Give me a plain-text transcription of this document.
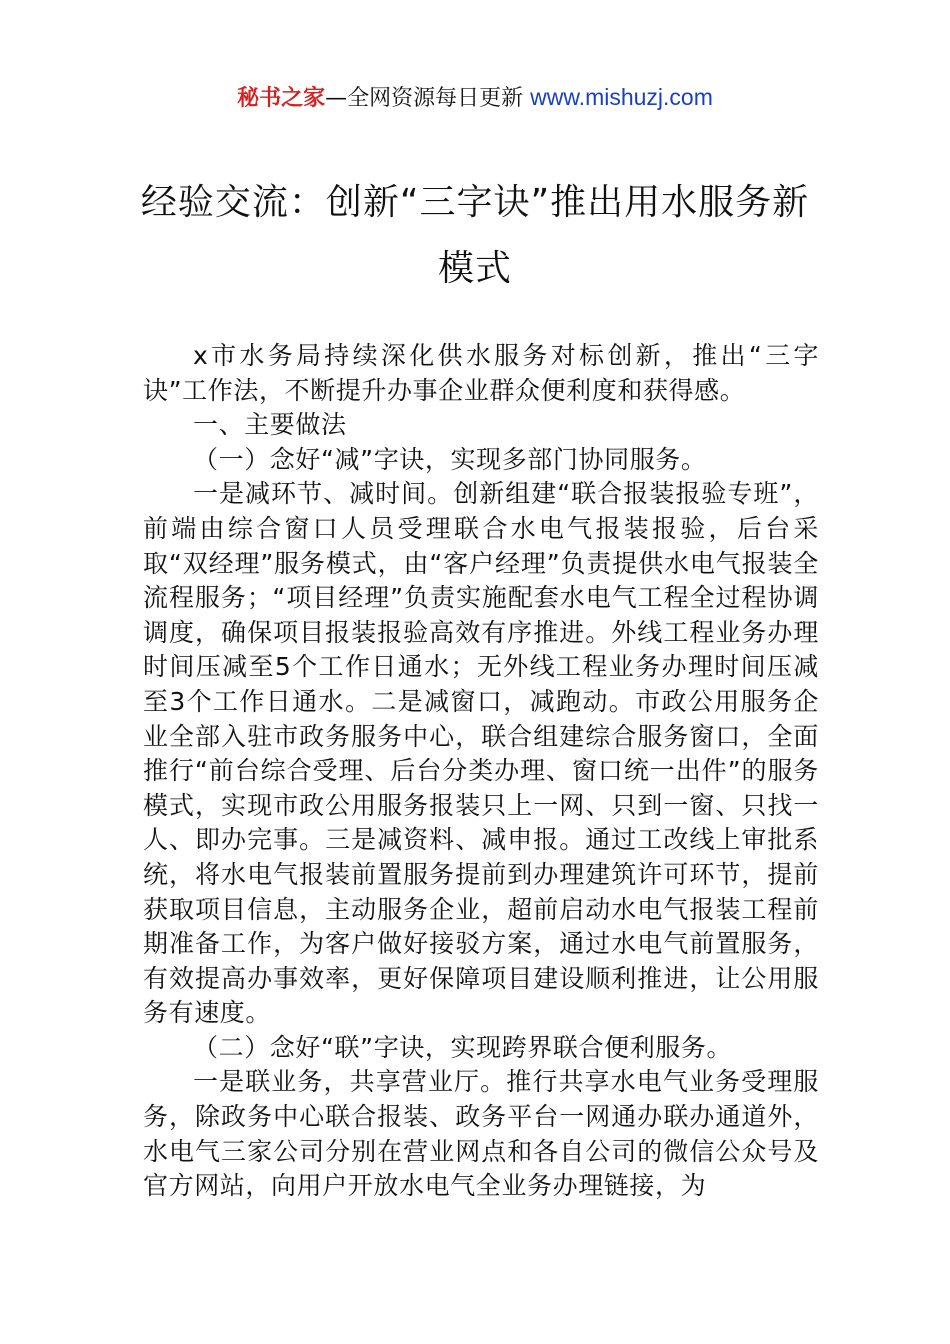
秘书之家—全网资源每日更新 www.mishuzj.com
经验交流：创新“三字诀”推出用水服务新模式

x市水务局持续深化供水服务对标创新，推出“三字诀”工作法，不断提升办事企业群众便利度和获得感。

一、主要做法

（一）念好“减”字诀，实现多部门协同服务。

一是减环节、减时间。创新组建“联合报装报验专班”，前端由综合窗口人员受理联合水电气报装报验，后台采取“双经理”服务模式，由“客户经理”负责提供水电气报装全流程服务；“项目经理”负责实施配套水电气工程全过程协调调度，确保项目报装报验高效有序推进。外线工程业务办理时间压减至5个工作日通水；无外线工程业务办理时间压减至3个工作日通水。二是减窗口，减跑动。市政公用服务企业全部入驻市政务服务中心，联合组建综合服务窗口，全面推行“前台综合受理、后台分类办理、窗口统一出件”的服务模式，实现市政公用服务报装只上一网、只到一窗、只找一人、即办完事。三是减资料、减申报。通过工改线上审批系统，将水电气报装前置服务提前到办理建筑许可环节，提前获取项目信息，主动服务企业，超前启动水电气报装工程前期准备工作，为客户做好接驳方案，通过水电气前置服务，有效提高办事效率，更好保障项目建设顺利推进，让公用服务有速度。

（二）念好“联”字诀，实现跨界联合便利服务。

一是联业务，共享营业厅。推行共享水电气业务受理服务，除政务中心联合报装、政务平台一网通办联办通道外，水电气三家公司分别在营业网点和各自公司的微信公众号及官方网站，向用户开放水电气全业务办理链接，为
